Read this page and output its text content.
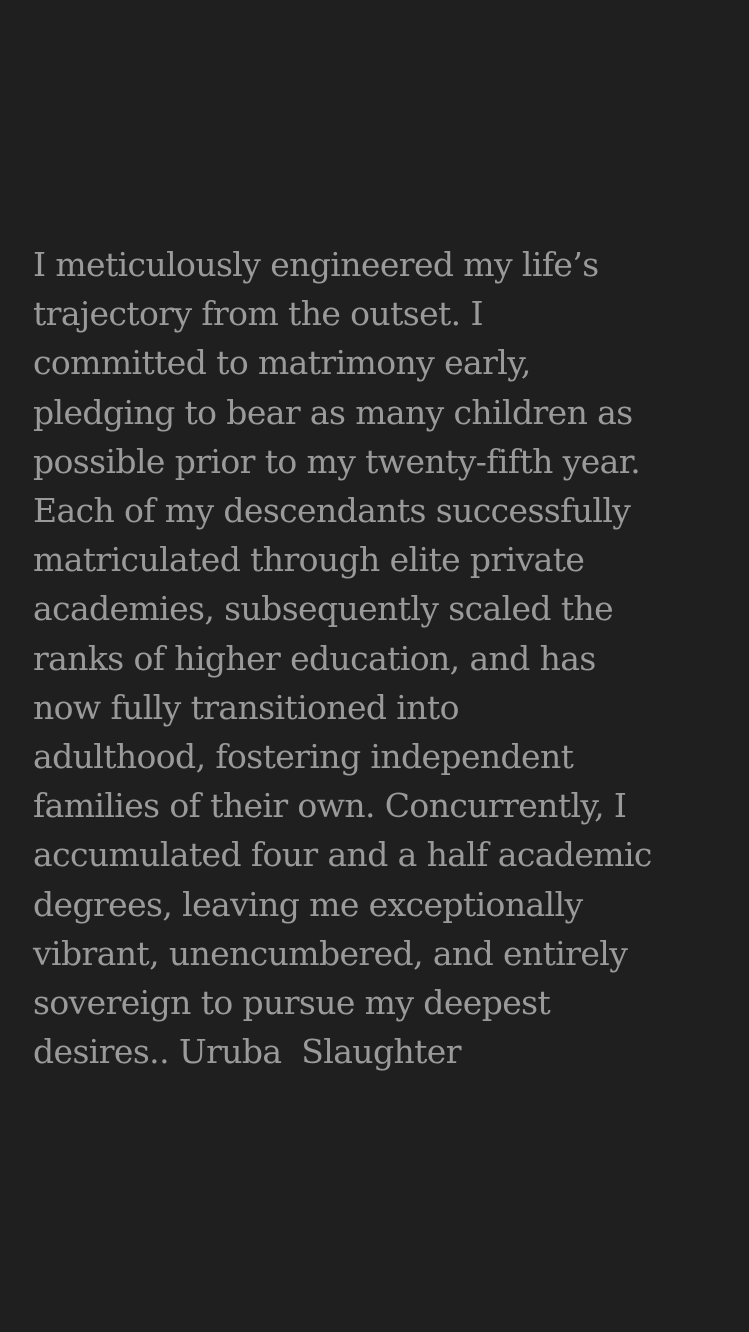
I meticulously engineered my life’s
trajectory from the outset. I
committed to matrimony early,
pledging to bear as many children as
possible prior to my twenty-fifth year.
Each of my descendants successfully
matriculated through elite private
academies, subsequently scaled the
ranks of higher education, and has
now fully transitioned into
adulthood, fostering independent
families of their own. Concurrently, I
accumulated four and a half academic
degrees, leaving me exceptionally
vibrant, unencumbered, and entirely
sovereign to pursue my deepest
desires.. Uruba  Slaughter
